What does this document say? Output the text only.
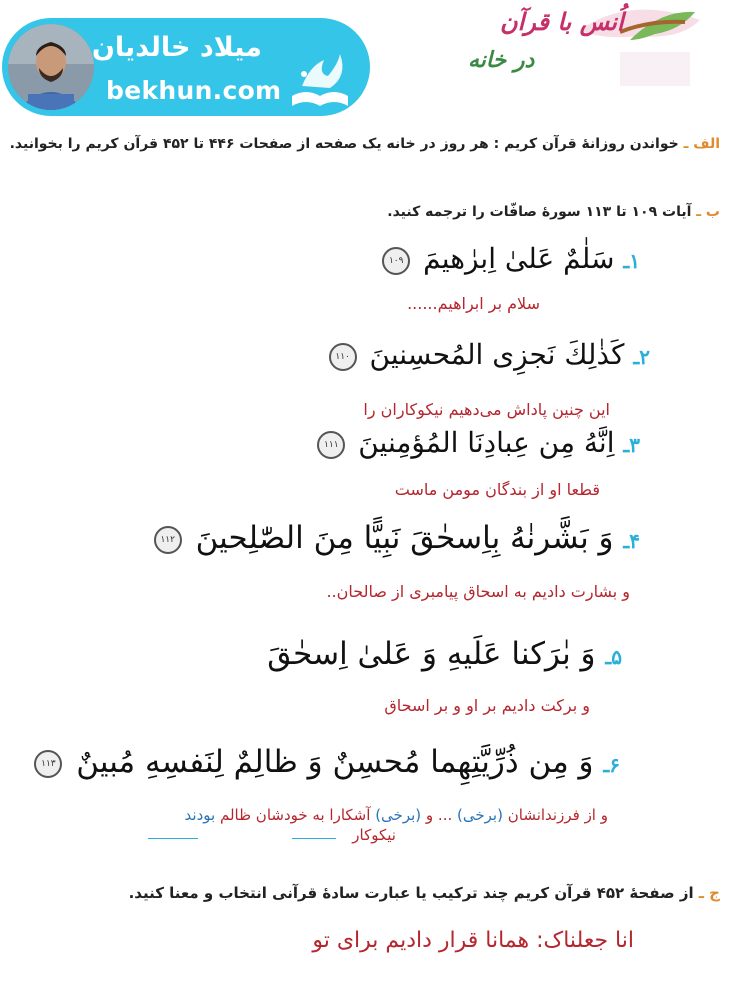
میلاد خالدیان
bekhun.com
اُنس با قرآن
در خانه
الف ـ خواندن روزانهٔ قرآن کریم : هر روز در خانه یک صفحه از صفحات ۴۴۶ تا ۴۵۲ قرآن کریم را بخوانید.
ب ـ آیات ۱۰۹ تا ۱۱۳ سورهٔ صافّات را ترجمه کنید.
۱ـ سَلٰمٌ عَلیٰ اِبرٰهیمَ ۱۰۹
سلام بر ابراهیم......
۲ـ كَذٰلِكَ نَجزِی المُحسِنینَ ۱۱۰
این چنین پاداش می‌دهیم نیکوکاران را
۳ـ اِنَّهُ مِن عِبادِنَا المُؤمِنینَ ۱۱۱
قطعا او از بندگان مومن ماست
۴ـ وَ بَشَّرنٰهُ بِاِسحٰقَ نَبِیًّا مِنَ الصّٰلِحینَ ۱۱۲
و بشارت دادیم به اسحاق پیامبری از صالحان..
۵ـ وَ بٰرَكنا عَلَیهِ وَ عَلیٰ اِسحٰقَ
و برکت دادیم بر او و بر اسحاق
۶ـ وَ مِن ذُرِّیَّتِهِما مُحسِنٌ وَ ظالِمٌ لِنَفسِهِ مُبینٌ ۱۱۳
و از فرزندانشان (برخی) ... و (برخی) آشکارا به خودشان ظالم بودند
نیکوکار
ج ـ از صفحهٔ ۴۵۲ قرآن کریم چند ترکیب یا عبارت سادهٔ قرآنی انتخاب و معنا کنید.
انا جعلناک: همانا قرار دادیم برای تو
